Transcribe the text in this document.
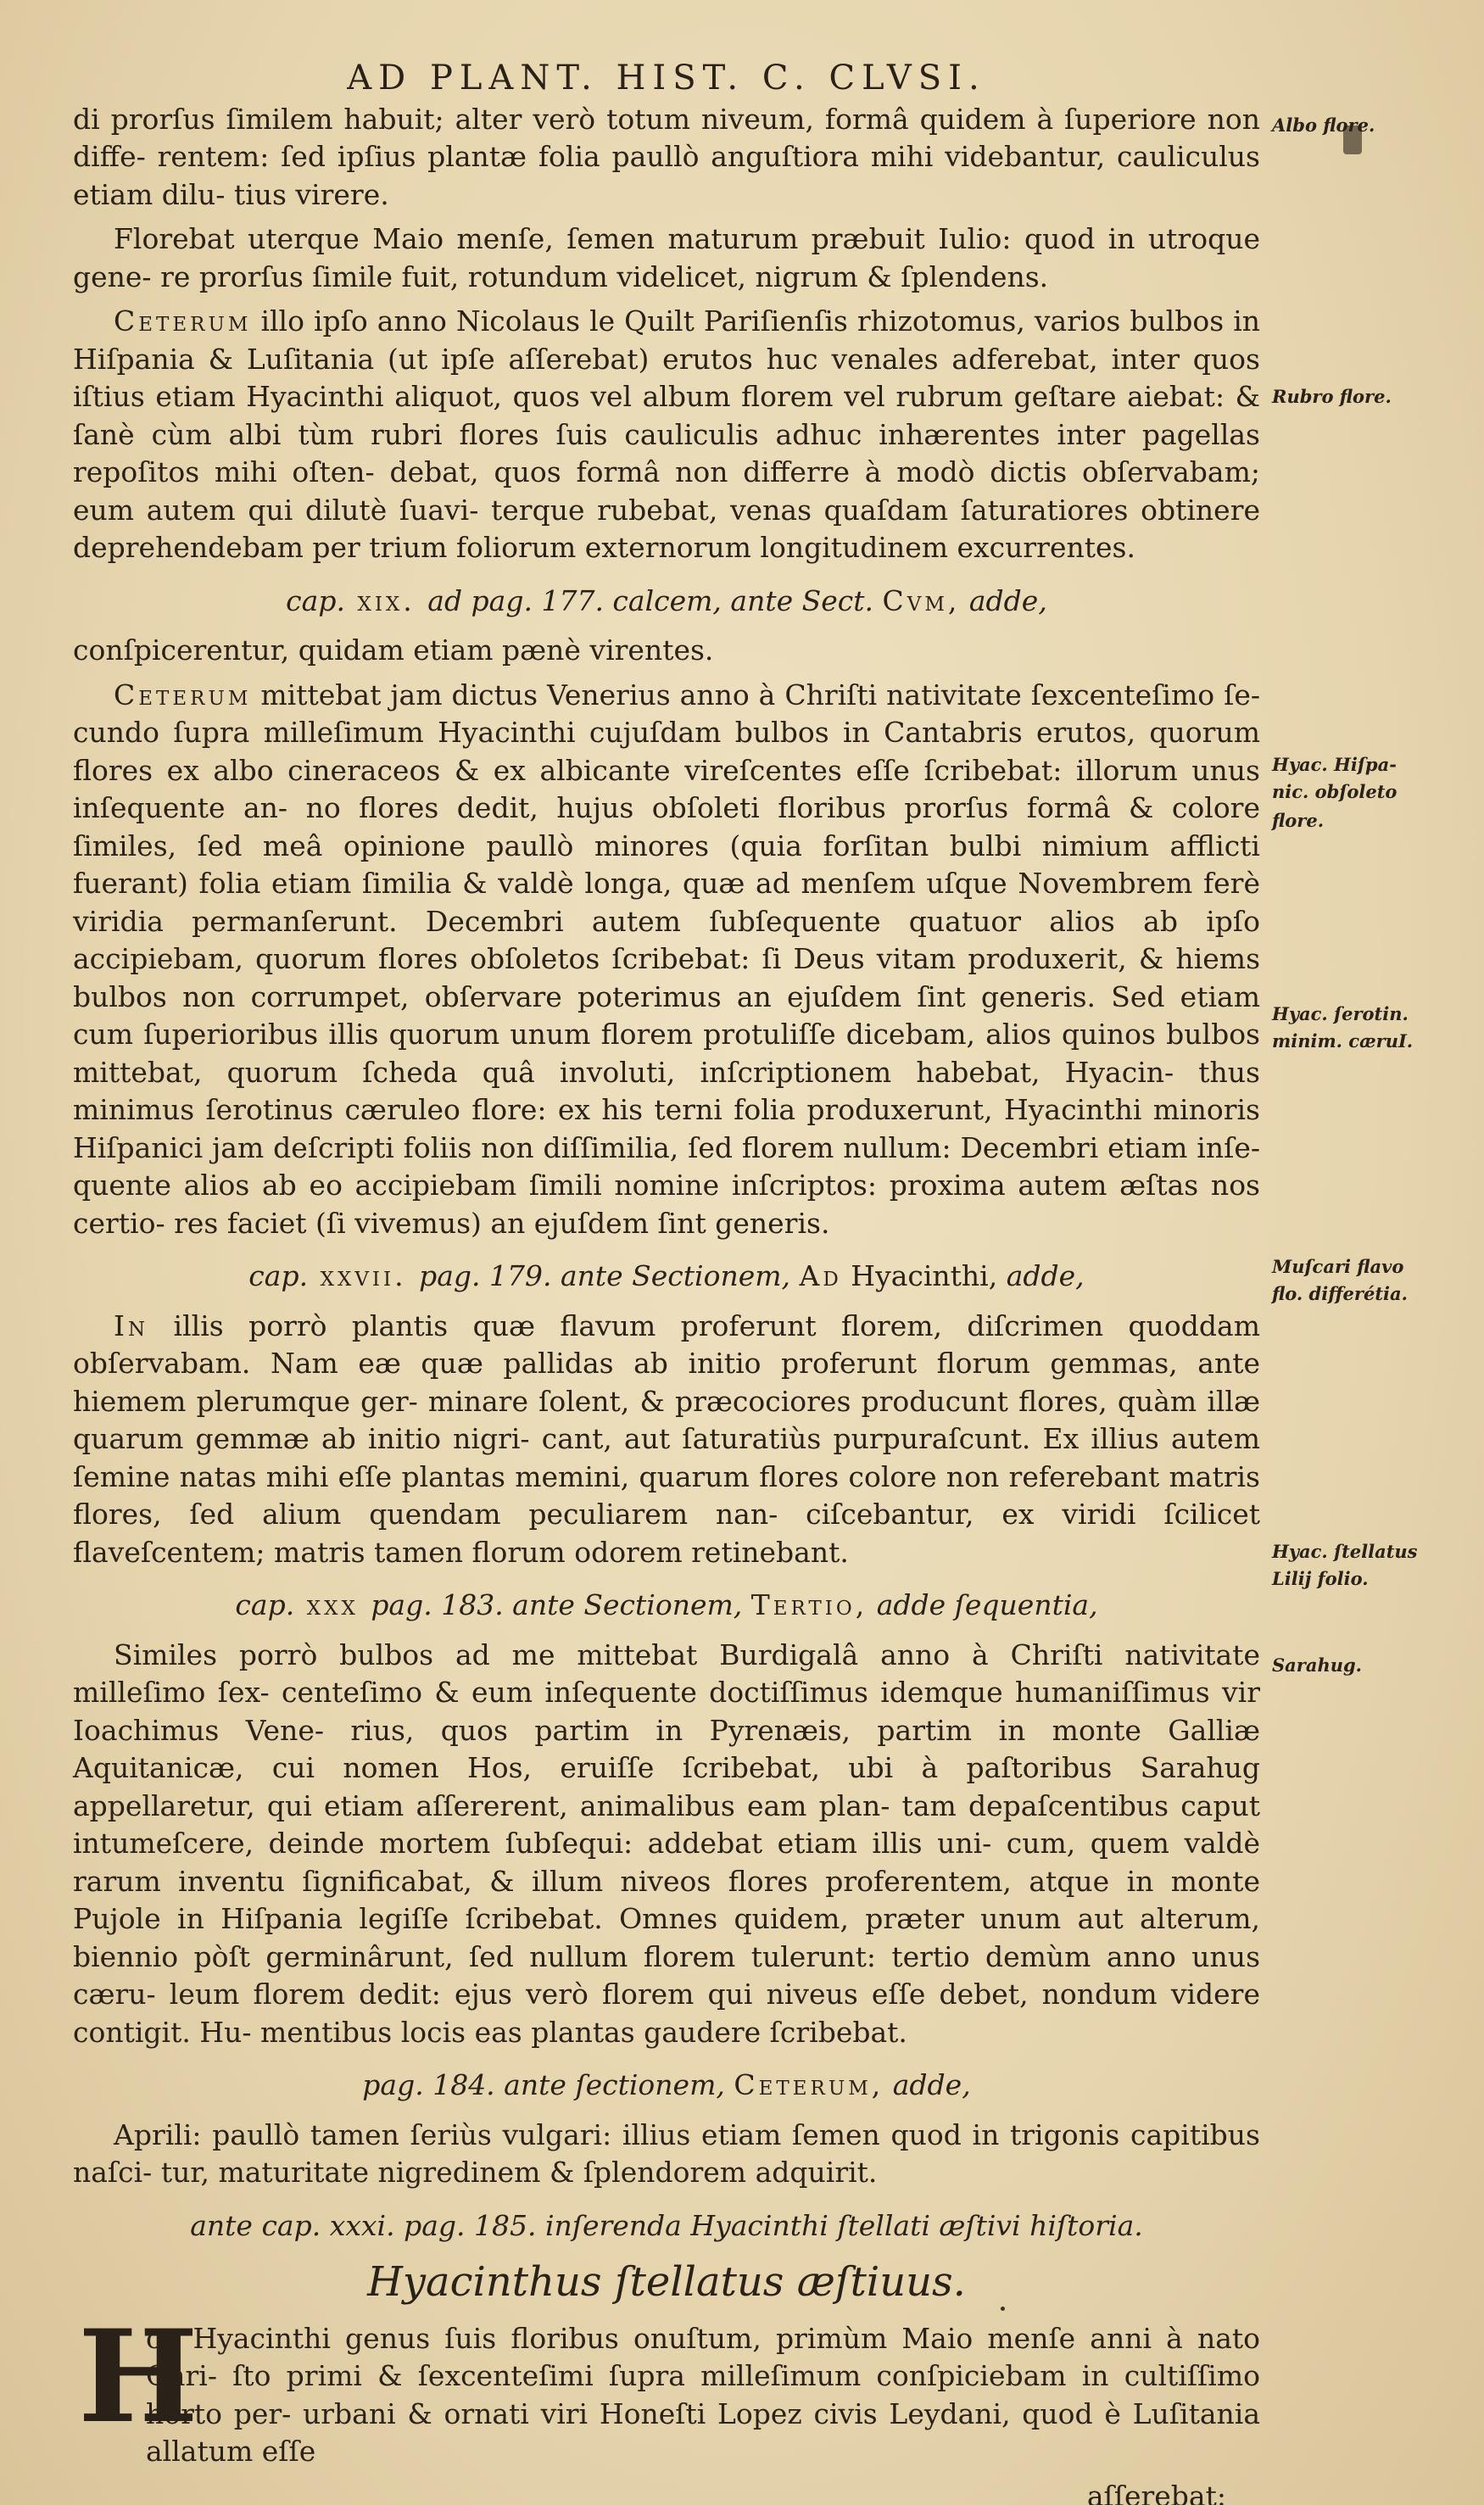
AD PLANT. HIST. C. CLVSI.

di prorſus ſimilem habuit; alter verò totum niveum, formâ quidem à ſuperiore non diffe- rentem: ſed ipſius plantæ folia paullò anguſtiora mihi videbantur, cauliculus etiam dilu- tius virere.

Florebat uterque Maio menſe, ſemen maturum præbuit Iulio: quod in utroque gene- re prorſus ſimile fuit, rotundum videlicet, nigrum & ſplendens.

Ceterum illo ipſo anno Nicolaus le Quilt Pariſienſis rhizotomus, varios bulbos in Hiſpania & Luſitania (ut ipſe aſſerebat) erutos huc venales adferebat, inter quos iſtius etiam Hyacinthi aliquot, quos vel album florem vel rubrum geſtare aiebat: & ſanè cùm albi tùm rubri flores ſuis cauliculis adhuc inhærentes inter pagellas repoſitos mihi oſten- debat, quos formâ non differre à modò dictis obſervabam; eum autem qui dilutè ſuavi- terque rubebat, venas quaſdam ſaturatiores obtinere deprehendebam per trium foliorum externorum longitudinem excurrentes.

cap. xix. ad pag. 177. calcem, ante Sect. Cvm, adde,

conſpicerentur, quidam etiam pænè virentes.

Ceterum mittebat jam dictus Venerius anno à Chriſti nativitate ſexcenteſimo ſe- cundo ſupra milleſimum Hyacinthi cujuſdam bulbos in Cantabris erutos, quorum flores ex albo cineraceos & ex albicante vireſcentes eſſe ſcribebat: illorum unus inſequente an- no flores dedit, hujus obſoleti floribus prorſus formâ & colore ſimiles, ſed meâ opinione paullò minores (quia forſitan bulbi nimium afflicti fuerant) folia etiam ſimilia & valdè longa, quæ ad menſem uſque Novembrem ferè viridia permanſerunt. Decembri autem ſubſequente quatuor alios ab ipſo accipiebam, quorum flores obſoletos ſcribebat: ſi Deus vitam produxerit, & hiems bulbos non corrumpet, obſervare poterimus an ejuſdem ſint generis. Sed etiam cum ſuperioribus illis quorum unum florem protuliſſe dicebam, alios quinos bulbos mittebat, quorum ſcheda quâ involuti, inſcriptionem habebat, Hyacin- thus minimus ſerotinus cæruleo flore: ex his terni folia produxerunt, Hyacinthi minoris Hiſpanici jam deſcripti foliis non diſſimilia, ſed florem nullum: Decembri etiam inſe- quente alios ab eo accipiebam ſimili nomine inſcriptos: proxima autem æſtas nos certio- res faciet (ſi vivemus) an ejuſdem ſint generis.

cap. xxvii. pag. 179. ante Sectionem, Ad Hyacinthi, adde,

In illis porrò plantis quæ flavum proferunt florem, diſcrimen quoddam obſervabam. Nam eæ quæ pallidas ab initio proferunt florum gemmas, ante hiemem plerumque ger- minare ſolent, & præcociores producunt flores, quàm illæ quarum gemmæ ab initio nigri- cant, aut ſaturatiùs purpuraſcunt. Ex illius autem ſemine natas mihi eſſe plantas memini, quarum flores colore non referebant matris flores, ſed alium quendam peculiarem nan- ciſcebantur, ex viridi ſcilicet flaveſcentem; matris tamen florum odorem retinebant.

cap. xxx pag. 183. ante Sectionem, Tertio, adde ſequentia,

Similes porrò bulbos ad me mittebat Burdigalâ anno à Chriſti nativitate milleſimo ſex- centeſimo & eum inſequente doctiſſimus idemque humaniſſimus vir Ioachimus Vene- rius, quos partim in Pyrenæis, partim in monte Galliæ Aquitanicæ, cui nomen Hos, eruiſſe ſcribebat, ubi à paſtoribus Sarahug appellaretur, qui etiam aſſererent, animalibus eam plan- tam depaſcentibus caput intumeſcere, deinde mortem ſubſequi: addebat etiam illis uni- cum, quem valdè rarum inventu ſignificabat, & illum niveos flores proferentem, atque in monte Pujole in Hiſpania legiſſe ſcribebat. Omnes quidem, præter unum aut alterum, biennio pòſt germinârunt, ſed nullum florem tulerunt: tertio demùm anno unus cæru- leum florem dedit: ejus verò florem qui niveus eſſe debet, nondum videre contigit. Hu- mentibus locis eas plantas gaudere ſcribebat.

pag. 184. ante ſectionem, Ceterum, adde,

Aprili: paullò tamen ſeriùs vulgari: illius etiam ſemen quod in trigonis capitibus naſci- tur, maturitate nigredinem & ſplendorem adquirit.

ante cap. xxxi. pag. 185. inſerenda Hyacinthi ſtellati æſtivi hiſtoria.
Hyacinthus ſtellatus æſtiuus.
H

oc Hyacinthi genus ſuis floribus onuſtum, primùm Maio menſe anni à nato Chri- ſto primi & ſexcenteſimi ſupra milleſimum conſpiciebam in cultiſſimo horto per- urbani & ornati viri Honeſti Lopez civis Leydani, quod è Luſitania allatum eſſe

aſſerebat:

Albo flore.
Rubro flore.
Hyac. Hiſpa-
nic. obſoleto
flore.
Hyac. ſerotin.
minim. cæruI.
Muſcari flavo
flo. differétia.
Hyac. ſtellatus
Lilij folio.
Sarahug.
